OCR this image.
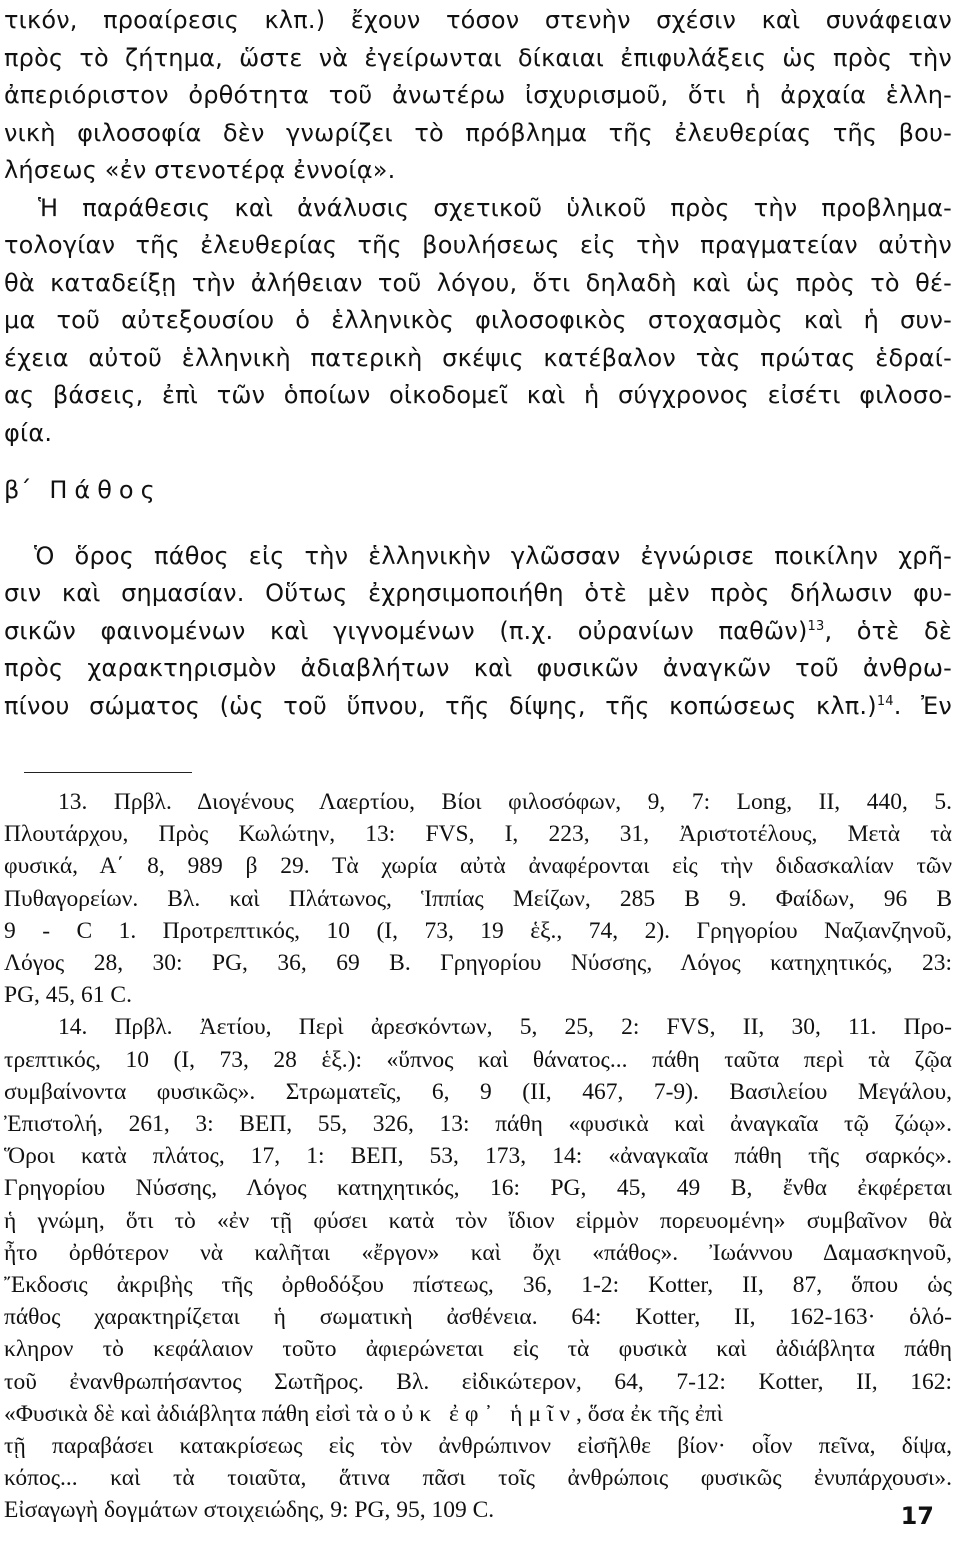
τικόν, προαίρεσις κλπ.) ἔχουν τόσον στενὴν σχέσιν καὶ συνάφειαν
πρὸς τὸ ζήτημα, ὥστε νὰ ἐγείρωνται δίκαιαι ἐπιφυλάξεις ὡς πρὸς τὴν
ἀπεριόριστον ὀρθότητα τοῦ ἀνωτέρω ἰσχυρισμοῦ, ὅτι ἡ ἀρχαία ἑλλη-
νικὴ φιλοσοφία δὲν γνωρίζει τὸ πρόβλημα τῆς ἐλευθερίας τῆς βου-
λήσεως «ἐν στενοτέρᾳ ἐννοίᾳ».

Ἡ παράθεσις καὶ ἀνάλυσις σχετικοῦ ὑλικοῦ πρὸς τὴν προβλημα-
τολογίαν τῆς ἐλευθερίας τῆς βουλήσεως εἰς τὴν πραγματείαν αὐτὴν
θὰ καταδείξῃ τὴν ἀλήθειαν τοῦ λόγου, ὅτι δηλαδὴ καὶ ὡς πρὸς τὸ θέ-
μα τοῦ αὐτεξουσίου ὁ ἑλληνικὸς φιλοσοφικὸς στοχασμὸς καὶ ἡ συν-
έχεια αὐτοῦ ἑλληνικὴ πατερικὴ σκέψις κατέβαλον τὰς πρώτας ἑδραί-
ας βάσεις, ἐπὶ τῶν ὁποίων οἰκοδομεῖ καὶ ἡ σύγχρονος εἰσέτι φιλοσο-
φία.

β΄ Πάθος

Ὁ ὅρος πάθος εἰς τὴν ἑλληνικὴν γλῶσσαν ἐγνώρισε ποικίλην χρῆ-
σιν καὶ σημασίαν. Οὕτως ἐχρησιμοποιήθη ὁτὲ μὲν πρὸς δήλωσιν φυ-
σικῶν φαινομένων καὶ γιγνομένων (π.χ. οὐρανίων παθῶν)$^{13}$, ὁτὲ δὲ
πρὸς χαρακτηρισμὸν ἀδιαβλήτων καὶ φυσικῶν ἀναγκῶν τοῦ ἀνθρω-
πίνου σώματος (ὡς τοῦ ὕπνου, τῆς δίψης, τῆς κοπώσεως κλπ.)$^{14}$. Ἐν

13. Πρβλ. Διογένους Λαερτίου, Βίοι φιλοσόφων, 9, 7: Long, II, 440, 5.
Πλουτάρχου, Πρὸς Κωλώτην, 13: FVS, I, 223, 31, Ἀριστοτέλους, Μετὰ τὰ
φυσικά, Α΄ 8, 989 β 29. Τὰ χωρία αὐτὰ ἀναφέρονται εἰς τὴν διδασκαλίαν τῶν
Πυθαγορείων. Βλ. καὶ Πλάτωνος, Ἱππίας Μείζων, 285 Β 9. Φαίδων, 96 Β
9 - C 1. Προτρεπτικός, 10 (I, 73, 19 ἑξ., 74, 2). Γρηγορίου Ναζιανζηνοῦ,
Λόγος 28, 30: PG, 36, 69 Β. Γρηγορίου Νύσσης, Λόγος κατηχητικός, 23:
PG, 45, 61 C.

14. Πρβλ. Ἀετίου, Περὶ ἀρεσκόντων, 5, 25, 2: FVS, II, 30, 11. Προ-
τρεπτικός, 10 (I, 73, 28 ἑξ.): «ὕπνος καὶ θάνατος... πάθη ταῦτα περὶ τὰ ζῷα
συμβαίνοντα φυσικῶς». Στρωματεῖς, 6, 9 (II, 467, 7-9). Βασιλείου Μεγάλου,
Ἐπιστολή, 261, 3: ΒΕΠ, 55, 326, 13: πάθη «φυσικὰ καὶ ἀναγκαῖα τῷ ζώῳ».
Ὅροι κατὰ πλάτος, 17, 1: ΒΕΠ, 53, 173, 14: «ἀναγκαῖα πάθη τῆς σαρκός».
Γρηγορίου Νύσσης, Λόγος κατηχητικός, 16: PG, 45, 49 Β, ἔνθα ἐκφέρεται
ἡ γνώμη, ὅτι τὸ «ἐν τῇ φύσει κατὰ τὸν ἴδιον εἱρμὸν πορευομένη» συμβαῖνον θὰ
ἦτο ὀρθότερον νὰ καλῆται «ἔργον» καὶ ὄχι «πάθος». Ἰωάννου Δαμασκηνοῦ,
Ἔκδοσις ἀκριβὴς τῆς ὀρθοδόξου πίστεως, 36, 1-2: Kotter, II, 87, ὅπου ὡς
πάθος χαρακτηρίζεται ἡ σωματικὴ ἀσθένεια. 64: Kotter, II, 162-163· ὁλό-
κληρον τὸ κεφάλαιον τοῦτο ἀφιερώνεται εἰς τὰ φυσικὰ καὶ ἀδιάβλητα πάθη
τοῦ ἐνανθρωπήσαντος Σωτῆρος. Βλ. εἰδικώτερον, 64, 7-12: Kotter, II, 162:
«Φυσικὰ δὲ καὶ ἀδιάβλητα πάθη εἰσὶ τὰ οὐκ ἐφ᾽ ἡμῖν, ὅσα ἐκ τῆς ἐπὶ
τῇ παραβάσει κατακρίσεως εἰς τὸν ἀνθρώπινον εἰσῆλθε βίον· οἷον πεῖνα, δίψα,
κόπος... καὶ τὰ τοιαῦτα, ἅτινα πᾶσι τοῖς ἀνθρώποις φυσικῶς ἐνυπάρχουσι».
Εἰσαγωγὴ δογμάτων στοιχειώδης, 9: PG, 95, 109 C.	17
